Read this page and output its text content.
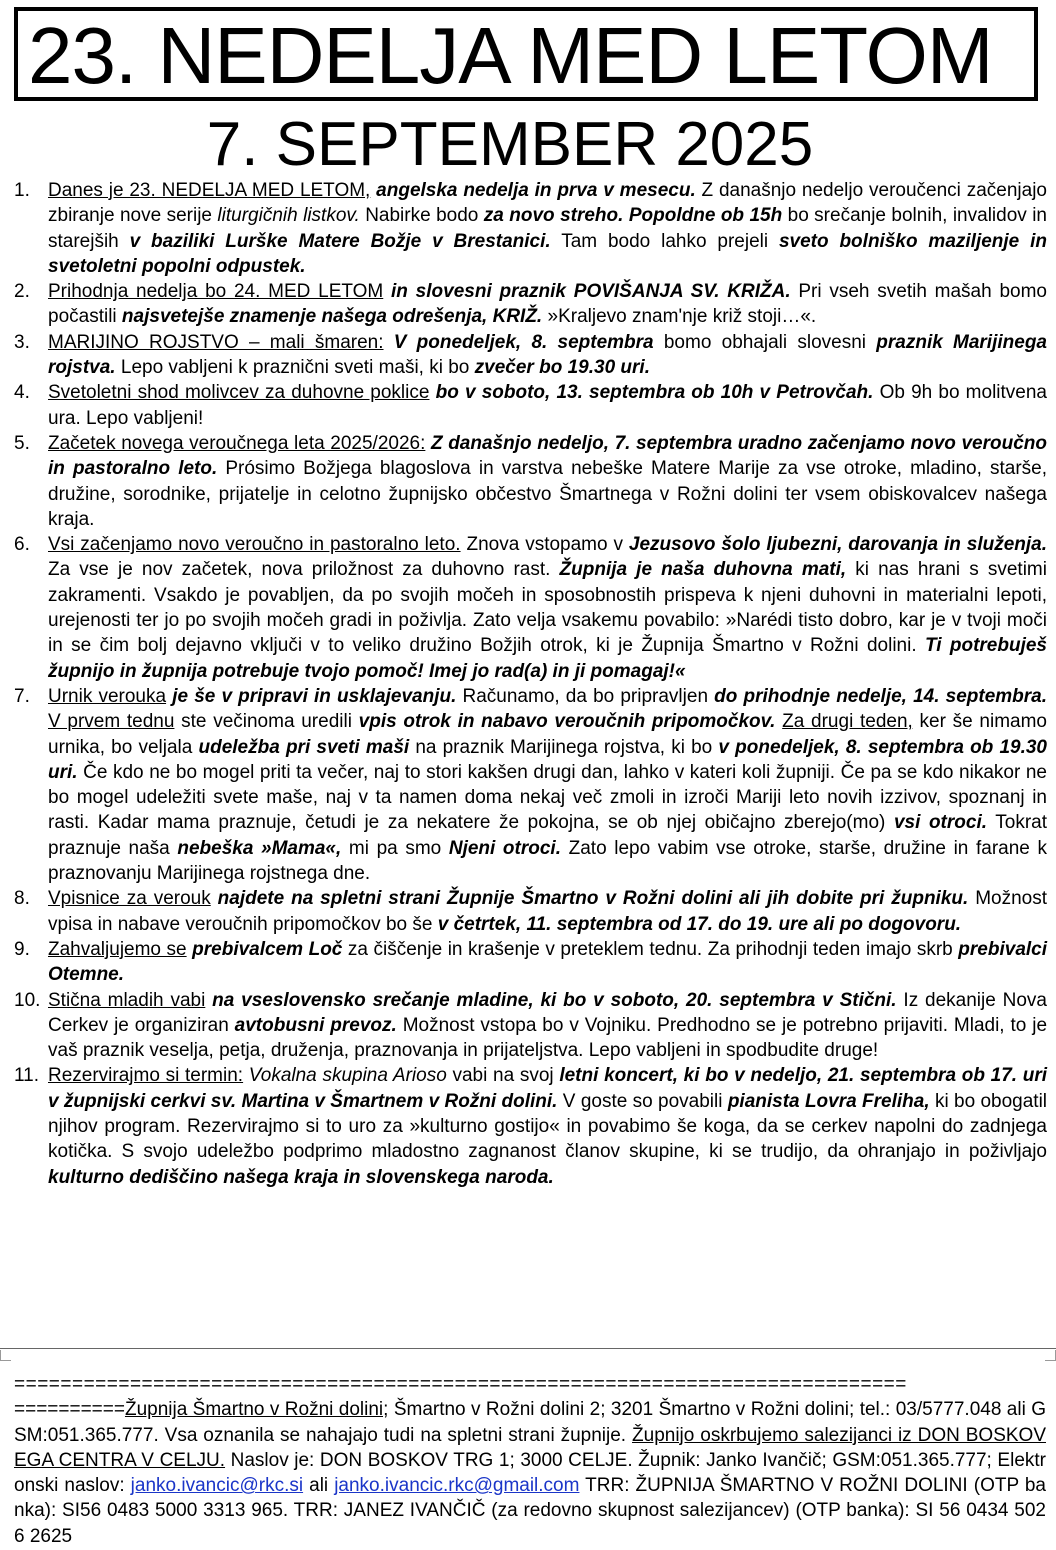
23. NEDELJA MED LETOM
7. SEPTEMBER 2025
1. Danes je 23. NEDELJA MED LETOM, angelska nedelja in prva v mesecu. Z današnjo nedeljo veroučenci začenjajo zbiranje nove serije liturgičnih listkov. Nabirke bodo za novo streho. Popoldne ob 15h bo srečanje bolnih, invalidov in starejših v baziliki Lurške Matere Božje v Brestanici. Tam bodo lahko prejeli sveto bolniško maziljenje in svetoletni popolni odpustek.
2. Prihodnja nedelja bo 24. MED LETOM in slovesni praznik POVIŠANJA SV. KRIŽA. Pri vseh svetih mašah bomo počastili najsvetejše znamenje našega odrešenja, KRIŽ. »Kraljevo znam'nje križ stoji…«.
3. MARIJINO ROJSTVO – mali šmaren: V ponedeljek, 8. septembra bomo obhajali slovesni praznik Marijinega rojstva. Lepo vabljeni k praznični sveti maši, ki bo zvečer bo 19.30 uri.
4. Svetoletni shod molivcev za duhovne poklice bo v soboto, 13. septembra ob 10h v Petrovčah. Ob 9h bo molitvena ura. Lepo vabljeni!
5. Začetek novega veroučnega leta 2025/2026: Z današnjo nedeljo, 7. septembra uradno začenjamo novo veroučno in pastoralno leto. Prósimo Božjega blagoslova in varstva nebeške Matere Marije za vse otroke, mladino, starše, družine, sorodnike, prijatelje in celotno župnijsko občestvo Šmartnega v Rožni dolini ter vsem obiskovalcev našega kraja.
6. Vsi začenjamo novo veroučno in pastoralno leto. Znova vstopamo v Jezusovo šolo ljubezni, darovanja in služenja. Za vse je nov začetek, nova priložnost za duhovno rast. Župnija je naša duhovna mati, ki nas hrani s svetimi zakramenti. Vsakdo je povabljen, da po svojih močeh in sposobnostih prispeva k njeni duhovni in materialni lepoti, urejenosti ter jo po svojih močeh gradi in poživlja. Zato velja vsakemu povabilo: »Narédi tisto dobro, kar je v tvoji moči in se čim bolj dejavno vključi v to veliko družino Božjih otrok, ki je Župnija Šmartno v Rožni dolini. Ti potrebuješ župnijo in župnija potrebuje tvojo pomoč! Imej jo rad(a) in ji pomagaj!«
7. Urnik verouka je še v pripravi in usklajevanju. Računamo, da bo pripravljen do prihodnje nedelje, 14. septembra. V prvem tednu ste večinoma uredili vpis otrok in nabavo veroučnih pripomočkov. Za drugi teden, ker še nimamo urnika, bo veljala udeležba pri sveti maši na praznik Marijinega rojstva, ki bo v ponedeljek, 8. septembra ob 19.30 uri. Če kdo ne bo mogel priti ta večer, naj to stori kakšen drugi dan, lahko v kateri koli župniji. Če pa se kdo nikakor ne bo mogel udeležiti svete maše, naj v ta namen doma nekaj več zmoli in izroči Mariji leto novih izzivov, spoznanj in rasti. Kadar mama praznuje, četudi je za nekatere že pokojna, se ob njej običajno zberejo(mo) vsi otroci. Tokrat praznuje naša nebeška »Mama«, mi pa smo Njeni otroci. Zato lepo vabim vse otroke, starše, družine in farane k praznovanju Marijinega rojstnega dne.
8. Vpisnice za verouk najdete na spletni strani Župnije Šmartno v Rožni dolini ali jih dobite pri župniku. Možnost vpisa in nabave veroučnih pripomočkov bo še v četrtek, 11. septembra od 17. do 19. ure ali po dogovoru.
9. Zahvaljujemo se prebivalcem Loč za čiščenje in krašenje v preteklem tednu. Za prihodnji teden imajo skrb prebivalci Otemne.
10. Stična mladih vabi na vseslovensko srečanje mladine, ki bo v soboto, 20. septembra v Stični. Iz dekanije Nova Cerkev je organiziran avtobusni prevoz. Možnost vstopa bo v Vojniku. Predhodno se je potrebno prijaviti. Mladi, to je vaš praznik veselja, petja, druženja, praznovanja in prijateljstva. Lepo vabljeni in spodbudite druge!
11. Rezervirajmo si termin: Vokalna skupina Arioso vabi na svoj letni koncert, ki bo v nedeljo, 21. septembra ob 17. uri v župnijski cerkvi sv. Martina v Šmartnem v Rožni dolini. V goste so povabili pianista Lovra Freliha, ki bo obogatil njihov program. Rezervirajmo si to uro za »kulturno gostijo« in povabimo še koga, da se cerkev napolni do zadnjega kotička. S svojo udeležbo podprimo mladostno zagnanost članov skupine, ki se trudijo, da ohranjajo in poživljajo kulturno dediščino našega kraja in slovenskega naroda.
=============================================================================
==========Župnija Šmartno v Rožni dolini; Šmartno v Rožni dolini 2; 3201 Šmartno v Rožni dolini; tel.: 03/5777.048 ali GSM:051.365.777. Vsa oznanila se nahajajo tudi na spletni strani župnije. Župnijo oskrbujemo salezijanci iz DON BOSKOVEGA CENTRA V CELJU. Naslov je: DON BOSKOV TRG 1; 3000 CELJE. Župnik: Janko Ivančič; GSM:051.365.777; Elektronski naslov: janko.ivancic@rkc.si ali janko.ivancic.rkc@gmail.com TRR: ŽUPNIJA ŠMARTNO V ROŽNI DOLINI (OTP banka): SI56 0483 5000 3313 965. TRR: JANEZ IVANČIČ (za redovno skupnost salezijancev) (OTP banka): SI 56 0434 5026 2625
